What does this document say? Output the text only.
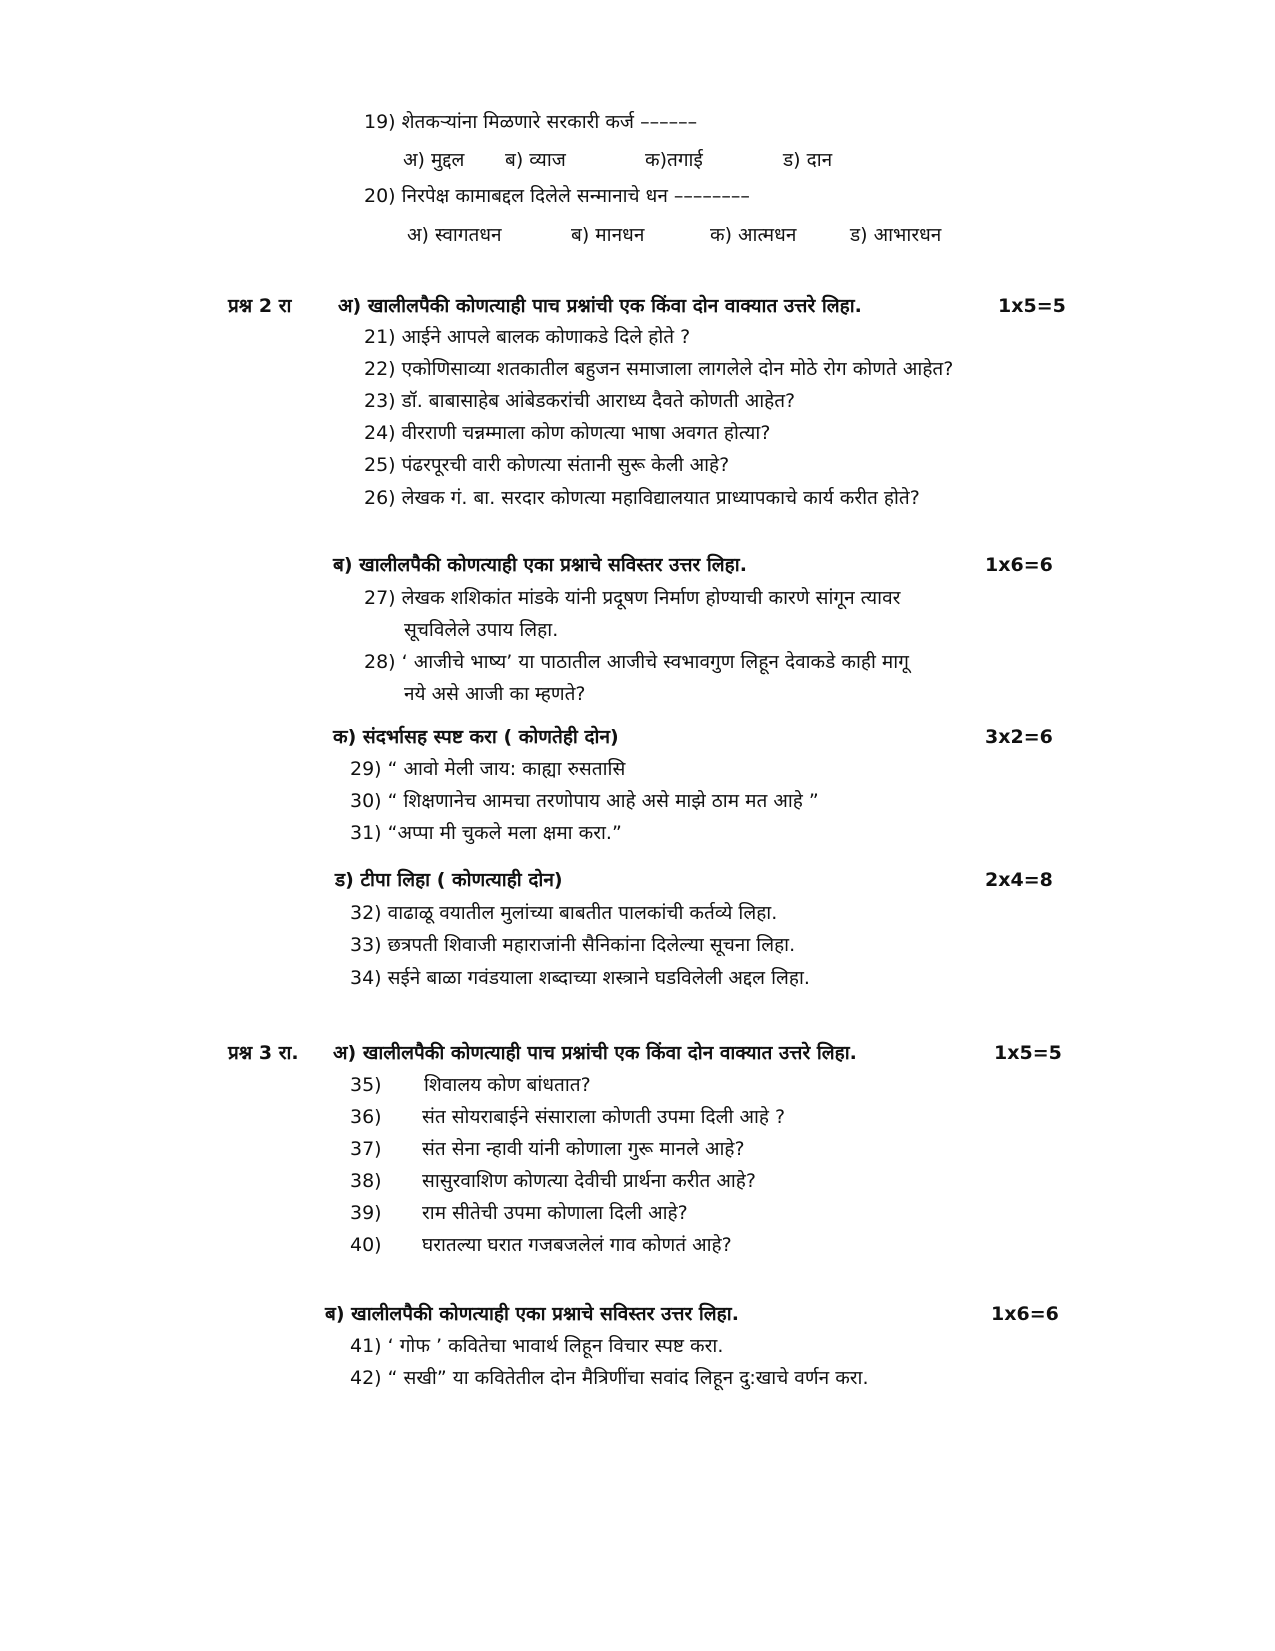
19) शेतकऱ्यांना मिळणारे सरकारी कर्ज ––––––
अ) मुद्दल ब) व्याज	क)तगाई	ड) दान
20) निरपेक्ष कामाबद्दल दिलेले सन्मानाचे धन ––––––––
अ) स्वागतधन	ब) मानधन	क) आत्मधन	ड) आभारधन
प्रश्न 2 रा अ) खालीलपैकी कोणत्याही पाच प्रश्नांची एक किंवा दोन वाक्यात उत्तरे लिहा.	1x5=5
21) आईने आपले बालक कोणाकडे दिले होते ?
22) एकोणिसाव्या शतकातील बहुजन समाजाला लागलेले दोन मोठे रोग कोणते आहेत?
23) डॉ. बाबासाहेब आंबेडकरांची आराध्य दैवते कोणती आहेत?
24) वीरराणी चन्नम्माला कोण कोणत्या भाषा अवगत होत्या?
25) पंढरपूरची वारी कोणत्या संतानी सुरू केली आहे?
26) लेखक गं. बा. सरदार कोणत्या महाविद्यालयात प्राध्यापकाचे कार्य करीत होते?
ब) खालीलपैकी कोणत्याही एका प्रश्नाचे सविस्तर उत्तर लिहा.	1x6=6
27) लेखक शशिकांत मांडके यांनी प्रदूषण निर्माण होण्याची कारणे सांगून त्यावर
सूचविलेले उपाय लिहा.
28) ‘ आजीचे भाष्य’ या पाठातील आजीचे स्वभावगुण लिहून देवाकडे काही मागू
नये असे आजी का म्हणते?
क) संदर्भासह स्पष्ट करा ( कोणतेही दोन)	3x2=6
29) “ आवो मेली जाय: काह्या रुसतासि
30) “ शिक्षणानेच आमचा तरणोपाय आहे असे माझे ठाम मत आहे ”
31) “अप्पा मी चुकले मला क्षमा करा.”
ड) टीपा लिहा ( कोणत्याही दोन)	2x4=8
32) वाढाळू वयातील मुलांच्या बाबतीत पालकांची कर्तव्ये लिहा.
33) छत्रपती शिवाजी महाराजांनी सैनिकांना दिलेल्या सूचना लिहा.
34) सईने बाळा गवंडयाला शब्दाच्या शस्त्राने घडविलेली अद्दल लिहा.
प्रश्न 3 रा. अ) खालीलपैकी कोणत्याही पाच प्रश्नांची एक किंवा दोन वाक्यात उत्तरे लिहा.	1x5=5
35) शिवालय कोण बांधतात?
36) संत सोयराबाईने संसाराला कोणती उपमा दिली आहे ?
37) संत सेना न्हावी यांनी कोणाला गुरू मानले आहे?
38) सासुरवाशिण कोणत्या देवीची प्रार्थना करीत आहे?
39) राम सीतेची उपमा कोणाला दिली आहे?
40) घरातल्या घरात गजबजलेलं गाव कोणतं आहे?
ब) खालीलपैकी कोणत्याही एका प्रश्नाचे सविस्तर उत्तर लिहा.	1x6=6
41) ‘ गोफ ’ कवितेचा भावार्थ लिहून विचार स्पष्ट करा.
42) “ सखी” या कवितेतील दोन मैत्रिणींचा सवांद लिहून दु:खाचे वर्णन करा.
